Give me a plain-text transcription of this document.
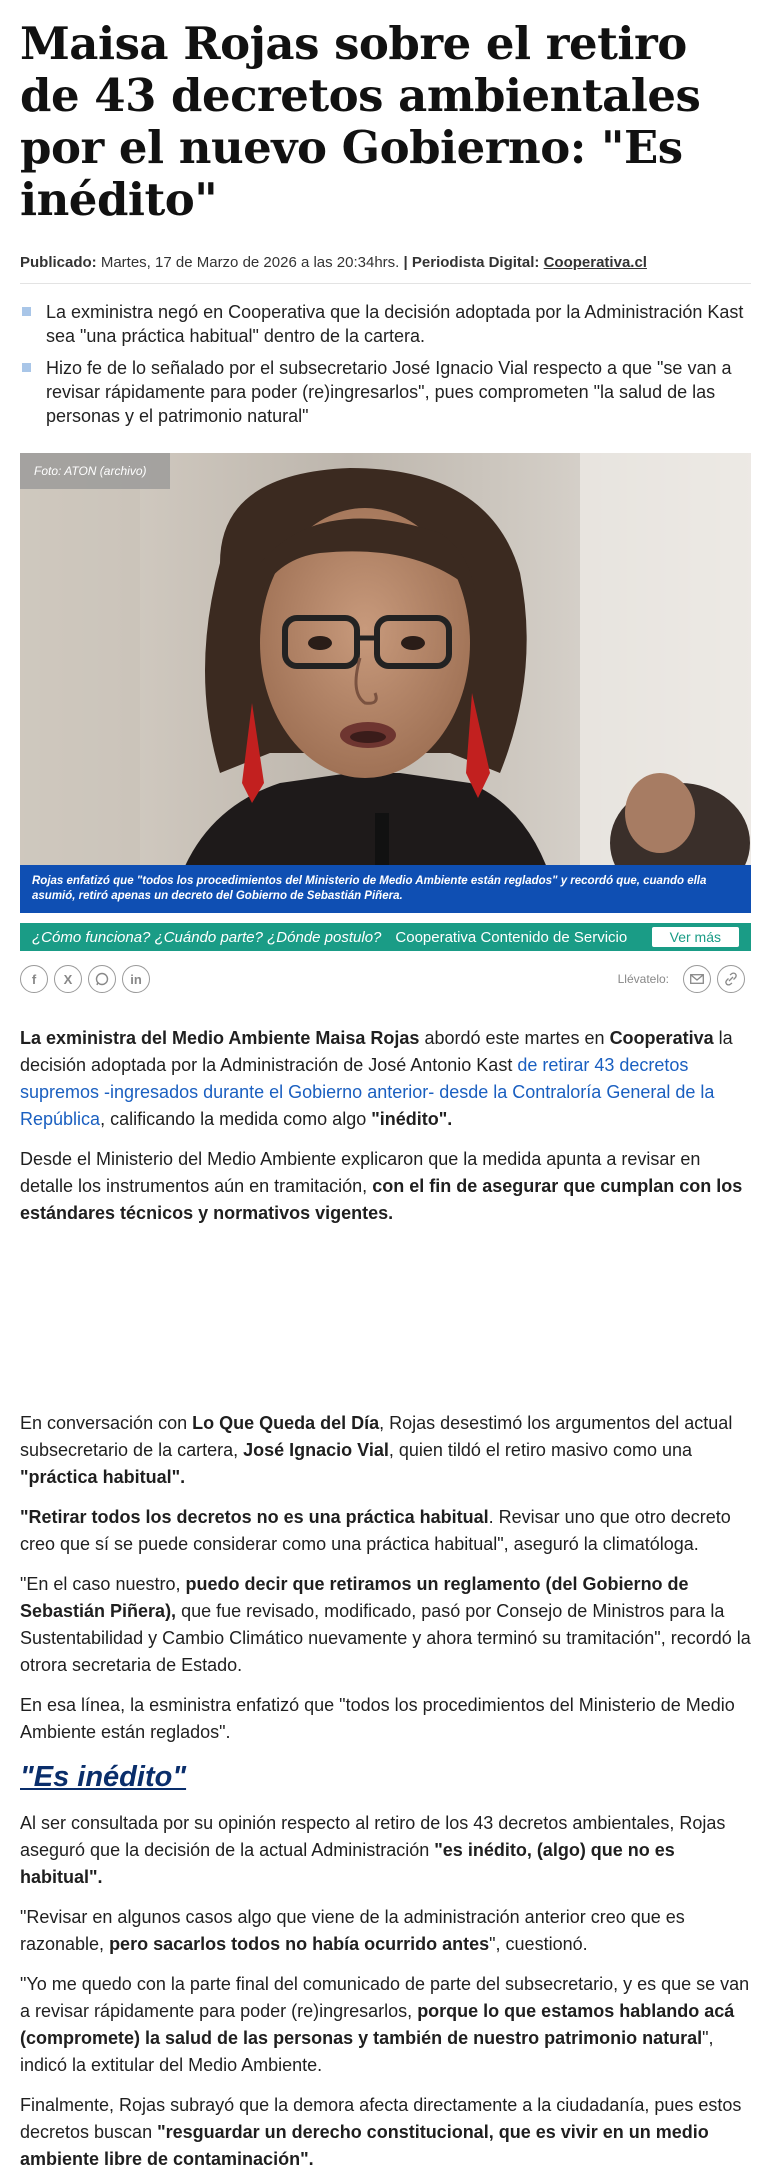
Maisa Rojas sobre el retiro de 43 decretos ambientales por el nuevo Gobierno: "Es inédito"
Publicado: Martes, 17 de Marzo de 2026 a las 20:34hrs. | Periodista Digital: Cooperativa.cl
La exministra negó en Cooperativa que la decisión adoptada por la Administración Kast sea "una práctica habitual" dentro de la cartera.
Hizo fe de lo señalado por el subsecretario José Ignacio Vial respecto a que "se van a revisar rápidamente para poder (re)ingresarlos", pues comprometen "la salud de las personas y el patrimonio natural"
Foto: ATON (archivo)
Rojas enfatizó que "todos los procedimientos del Ministerio de Medio Ambiente están reglados" y recordó que, cuando ella asumió, retiró apenas un decreto del Gobierno de Sebastián Piñera.
¿Cómo funciona? ¿Cuándo parte? ¿Dónde postulo? Cooperativa Contenido de Servicio	Ver más
f	X	in	Llévatelo:

La exministra del Medio Ambiente Maisa Rojas abordó este martes en Cooperativa la decisión adoptada por la Administración de José Antonio Kast de retirar 43 decretos supremos -ingresados durante el Gobierno anterior- desde la Contraloría General de la República, calificando la medida como algo "inédito".

Desde el Ministerio del Medio Ambiente explicaron que la medida apunta a revisar en detalle los instrumentos aún en tramitación, con el fin de asegurar que cumplan con los estándares técnicos y normativos vigentes.

En conversación con Lo Que Queda del Día, Rojas desestimó los argumentos del actual subsecretario de la cartera, José Ignacio Vial, quien tildó el retiro masivo como una "práctica habitual".

"Retirar todos los decretos no es una práctica habitual. Revisar uno que otro decreto creo que sí se puede considerar como una práctica habitual", aseguró la climatóloga.

"En el caso nuestro, puedo decir que retiramos un reglamento (del Gobierno de Sebastián Piñera), que fue revisado, modificado, pasó por Consejo de Ministros para la Sustentabilidad y Cambio Climático nuevamente y ahora terminó su tramitación", recordó la otrora secretaria de Estado.

En esa línea, la esministra enfatizó que "todos los procedimientos del Ministerio de Medio Ambiente están reglados".

"Es inédito"

Al ser consultada por su opinión respecto al retiro de los 43 decretos ambientales, Rojas aseguró que la decisión de la actual Administración "es inédito, (algo) que no es habitual".

"Revisar en algunos casos algo que viene de la administración anterior creo que es razonable, pero sacarlos todos no había ocurrido antes", cuestionó.

"Yo me quedo con la parte final del comunicado de parte del subsecretario, y es que se van a revisar rápidamente para poder (re)ingresarlos, porque lo que estamos hablando acá (compromete) la salud de las personas y también de nuestro patrimonio natural", indicó la extitular del Medio Ambiente.

Finalmente, Rojas subrayó que la demora afecta directamente a la ciudadanía, pues estos decretos buscan "resguardar un derecho constitucional, que es vivir en un medio ambiente libre de contaminación".
